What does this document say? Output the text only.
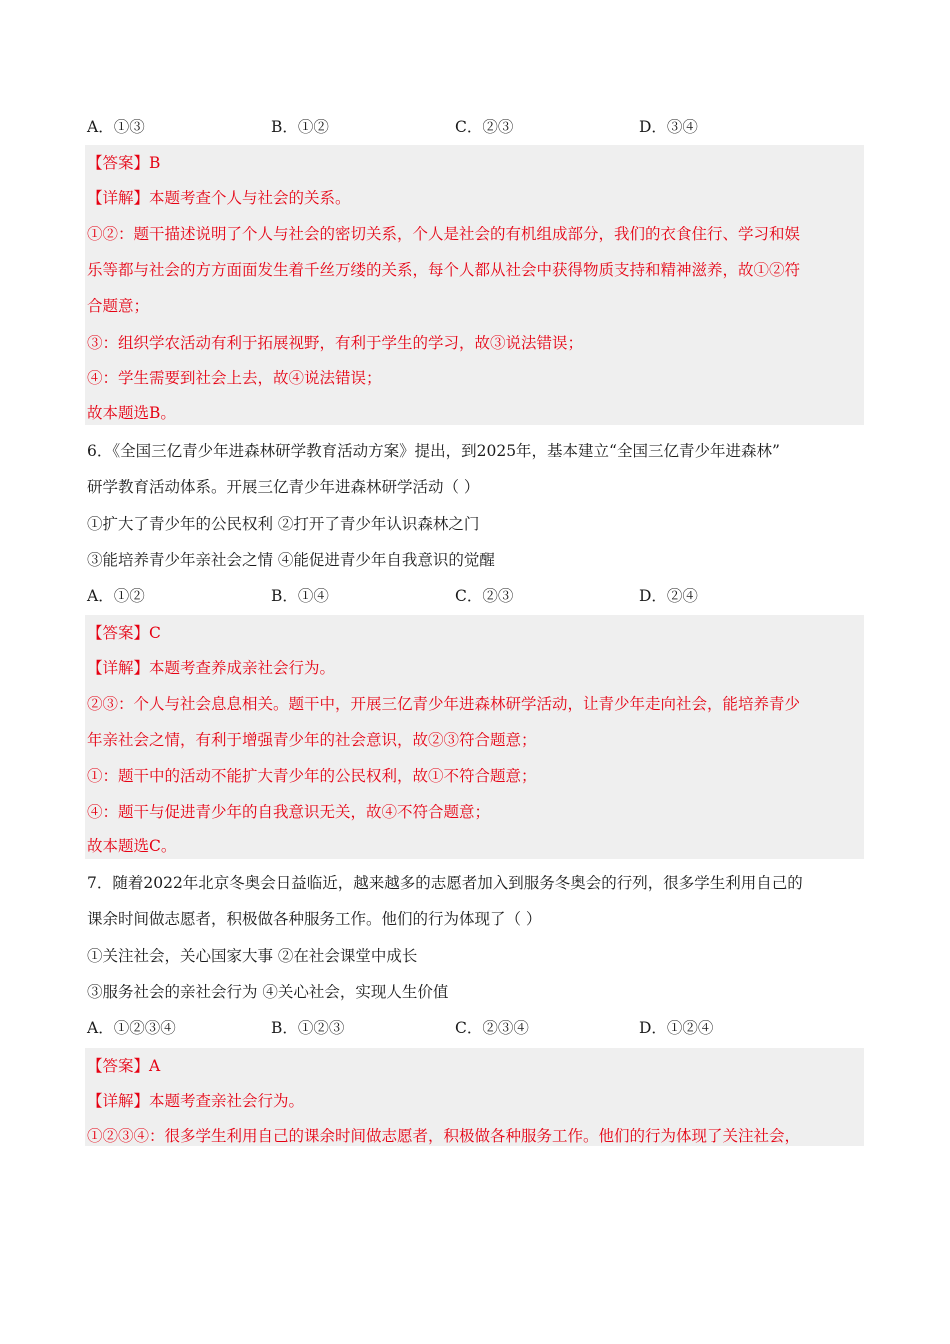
A．①③	B．①②	C．②③	D．③④
【答案】B
【详解】本题考查个人与社会的关系。
①②：题干描述说明了个人与社会的密切关系，个人是社会的有机组成部分，我们的衣食住行、学习和娱
乐等都与社会的方方面面发生着千丝万缕的关系，每个人都从社会中获得物质支持和精神滋养，故①②符
合题意；
③：组织学农活动有利于拓展视野，有利于学生的学习，故③说法错误；
④：学生需要到社会上去，故④说法错误；
故本题选B。
6．《全国三亿青少年进森林研学教育活动方案》提出，到2025年，基本建立“全国三亿青少年进森林”
研学教育活动体系。开展三亿青少年进森林研学活动（ ）
①扩大了青少年的公民权利 ②打开了青少年认识森林之门
③能培养青少年亲社会之情 ④能促进青少年自我意识的觉醒
A．①②	B．①④	C．②③	D．②④
【答案】C
【详解】本题考查养成亲社会行为。
②③：个人与社会息息相关。题干中，开展三亿青少年进森林研学活动，让青少年走向社会，能培养青少
年亲社会之情，有利于增强青少年的社会意识，故②③符合题意；
①：题干中的活动不能扩大青少年的公民权利，故①不符合题意；
④：题干与促进青少年的自我意识无关，故④不符合题意；
故本题选C。
7．随着2022年北京冬奥会日益临近，越来越多的志愿者加入到服务冬奥会的行列，很多学生利用自己的
课余时间做志愿者，积极做各种服务工作。他们的行为体现了（ ）
①关注社会，关心国家大事 ②在社会课堂中成长
③服务社会的亲社会行为 ④关心社会，实现人生价值
A．①②③④	B．①②③	C．②③④	D．①②④
【答案】A
【详解】本题考查亲社会行为。
①②③④：很多学生利用自己的课余时间做志愿者，积极做各种服务工作。他们的行为体现了关注社会，
